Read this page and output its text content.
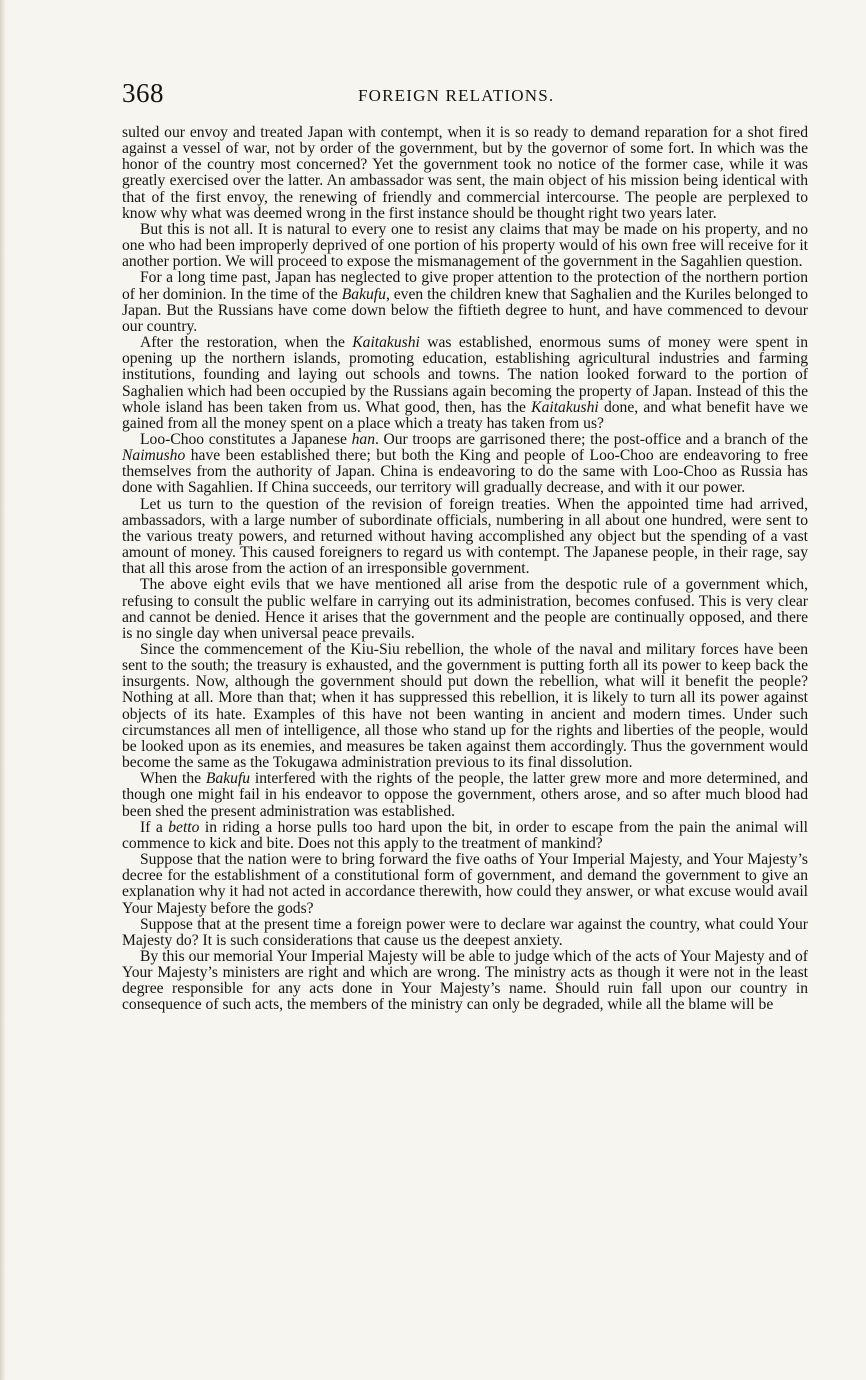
368	FOREIGN RELATIONS.

sulted our envoy and treated Japan with contempt, when it is so ready to demand reparation for a shot fired against a vessel of war, not by order of the government, but by the governor of some fort. In which was the honor of the country most concerned? Yet the government took no notice of the former case, while it was greatly exercised over the latter. An ambassador was sent, the main object of his mission being identical with that of the first envoy, the renewing of friendly and commercial intercourse. The people are perplexed to know why what was deemed wrong in the first instance should be thought right two years later.

But this is not all. It is natural to every one to resist any claims that may be made on his property, and no one who had been improperly deprived of one portion of his property would of his own free will receive for it another portion. We will proceed to expose the mismanagement of the government in the Sagahlien question.

For a long time past, Japan has neglected to give proper attention to the protection of the northern portion of her dominion. In the time of the Bakufu, even the children knew that Saghalien and the Kuriles belonged to Japan. But the Russians have come down below the fiftieth degree to hunt, and have commenced to devour our country.

After the restoration, when the Kaitakushi was established, enormous sums of money were spent in opening up the northern islands, promoting education, establishing agricultural industries and farming institutions, founding and laying out schools and towns. The nation looked forward to the portion of Saghalien which had been occupied by the Russians again becoming the property of Japan. Instead of this the whole island has been taken from us. What good, then, has the Kaitakushi done, and what benefit have we gained from all the money spent on a place which a treaty has taken from us?

Loo-Choo constitutes a Japanese han. Our troops are garrisoned there; the post-office and a branch of the Naimusho have been established there; but both the King and people of Loo-Choo are endeavoring to free themselves from the authority of Japan. China is endeavoring to do the same with Loo-Choo as Russia has done with Sagahlien. If China succeeds, our territory will gradually decrease, and with it our power.

Let us turn to the question of the revision of foreign treaties. When the appointed time had arrived, ambassadors, with a large number of subordinate officials, numbering in all about one hundred, were sent to the various treaty powers, and returned without having accomplished any object but the spending of a vast amount of money. This caused foreigners to regard us with contempt. The Japanese people, in their rage, say that all this arose from the action of an irresponsible government.

The above eight evils that we have mentioned all arise from the despotic rule of a government which, refusing to consult the public welfare in carrying out its administration, becomes confused. This is very clear and cannot be denied. Hence it arises that the government and the people are continually opposed, and there is no single day when universal peace prevails.

Since the commencement of the Kiu-Siu rebellion, the whole of the naval and military forces have been sent to the south; the treasury is exhausted, and the government is putting forth all its power to keep back the insurgents. Now, although the government should put down the rebellion, what will it benefit the people? Nothing at all. More than that; when it has suppressed this rebellion, it is likely to turn all its power against objects of its hate. Examples of this have not been wanting in ancient and modern times. Under such circumstances all men of intelligence, all those who stand up for the rights and liberties of the people, would be looked upon as its enemies, and measures be taken against them accordingly. Thus the government would become the same as the Tokugawa administration previous to its final dissolution.

When the Bakufu interfered with the rights of the people, the latter grew more and more determined, and though one might fail in his endeavor to oppose the government, others arose, and so after much blood had been shed the present administration was established.

If a betto in riding a horse pulls too hard upon the bit, in order to escape from the pain the animal will commence to kick and bite. Does not this apply to the treatment of mankind?

Suppose that the nation were to bring forward the five oaths of Your Imperial Majesty, and Your Majesty’s decree for the establishment of a constitutional form of government, and demand the government to give an explanation why it had not acted in accordance therewith, how could they answer, or what excuse would avail Your Majesty before the gods?

Suppose that at the present time a foreign power were to declare war against the country, what could Your Majesty do? It is such considerations that cause us the deepest anxiety.

By this our memorial Your Imperial Majesty will be able to judge which of the acts of Your Majesty and of Your Majesty’s ministers are right and which are wrong. The ministry acts as though it were not in the least degree responsible for any acts done in Your Majesty’s name. Should ruin fall upon our country in consequence of such acts, the members of the ministry can only be degraded, while all the blame will be
